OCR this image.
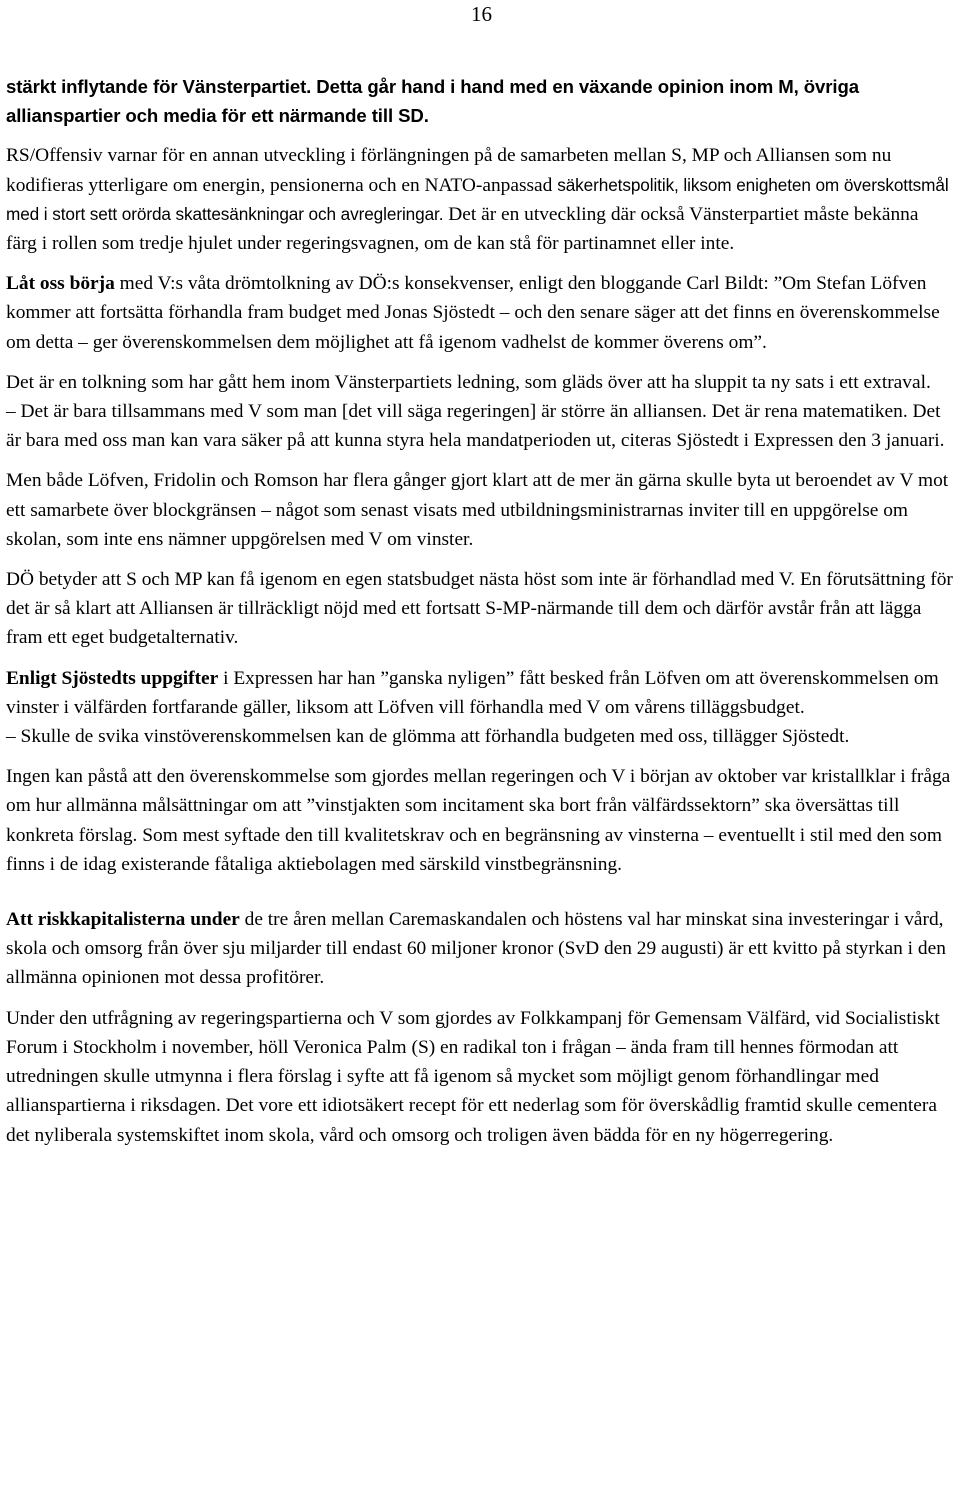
16

stärkt inflytande för Vänsterpartiet. Detta går hand i hand med en växande opinion inom M, övriga allianspartier och media för ett närmande till SD.

RS/Offensiv varnar för en annan utveckling i förlängningen på de samarbeten mellan S, MP och Alliansen som nu kodifieras ytterligare om energin, pensionerna och en NATO-anpassad säkerhetspolitik, liksom enigheten om överskottsmål med i stort sett orörda skattesänkningar och avregleringar. Det är en utveckling där också Vänsterpartiet måste bekänna färg i rollen som tredje hjulet under regeringsvagnen, om de kan stå för partinamnet eller inte.

Låt oss börja med V:s våta drömtolkning av DÖ:s konsekvenser, enligt den bloggande Carl Bildt: ”Om Stefan Löfven kommer att fortsätta förhandla fram budget med Jonas Sjöstedt – och den senare säger att det finns en överenskommelse om detta – ger överenskommelsen dem möjlighet att få igenom vadhelst de kommer överens om”.

Det är en tolkning som har gått hem inom Vänsterpartiets ledning, som gläds över att ha sluppit ta ny sats i ett extraval.

– Det är bara tillsammans med V som man [det vill säga regeringen] är större än alliansen. Det är rena matematiken. Det är bara med oss man kan vara säker på att kunna styra hela mandatperioden ut, citeras Sjöstedt i Expressen den 3 januari.

Men både Löfven, Fridolin och Romson har flera gånger gjort klart att de mer än gärna skulle byta ut beroendet av V mot ett samarbete över blockgränsen – något som senast visats med utbildningsministrarnas inviter till en uppgörelse om skolan, som inte ens nämner uppgörelsen med V om vinster.

DÖ betyder att S och MP kan få igenom en egen statsbudget nästa höst som inte är förhandlad med V. En förutsättning för det är så klart att Alliansen är tillräckligt nöjd med ett fortsatt S-MP-närmande till dem och därför avstår från att lägga fram ett eget budgetalternativ.

Enligt Sjöstedts uppgifter i Expressen har han ”ganska nyligen” fått besked från Löfven om att överenskommelsen om vinster i välfärden fortfarande gäller, liksom att Löfven vill förhandla med V om vårens tilläggsbudget.

– Skulle de svika vinstöverenskommelsen kan de glömma att förhandla budgeten med oss, tillägger Sjöstedt.

Ingen kan påstå att den överenskommelse som gjordes mellan regeringen och V i början av oktober var kristallklar i fråga om hur allmänna målsättningar om att ”vinstjakten som incitament ska bort från välfärdssektorn” ska översättas till konkreta förslag. Som mest syftade den till kvalitetskrav och en begränsning av vinsterna – eventuellt i stil med den som finns i de idag existerande fåtaliga aktiebolagen med särskild vinstbegränsning.

Att riskkapitalisterna under de tre åren mellan Caremaskandalen och höstens val har minskat sina investeringar i vård, skola och omsorg från över sju miljarder till endast 60 miljoner kronor (SvD den 29 augusti) är ett kvitto på styrkan i den allmänna opinionen mot dessa profitörer.

Under den utfrågning av regeringspartierna och V som gjordes av Folkkampanj för Gemensam Välfärd, vid Socialistiskt Forum i Stockholm i november, höll Veronica Palm (S) en radikal ton i frågan – ända fram till hennes förmodan att utredningen skulle utmynna i flera förslag i syfte att få igenom så mycket som möjligt genom förhandlingar med allianspartierna i riksdagen. Det vore ett idiotsäkert recept för ett nederlag som för överskådlig framtid skulle cementera det nyliberala systemskiftet inom skola, vård och omsorg och troligen även bädda för en ny högerregering.
